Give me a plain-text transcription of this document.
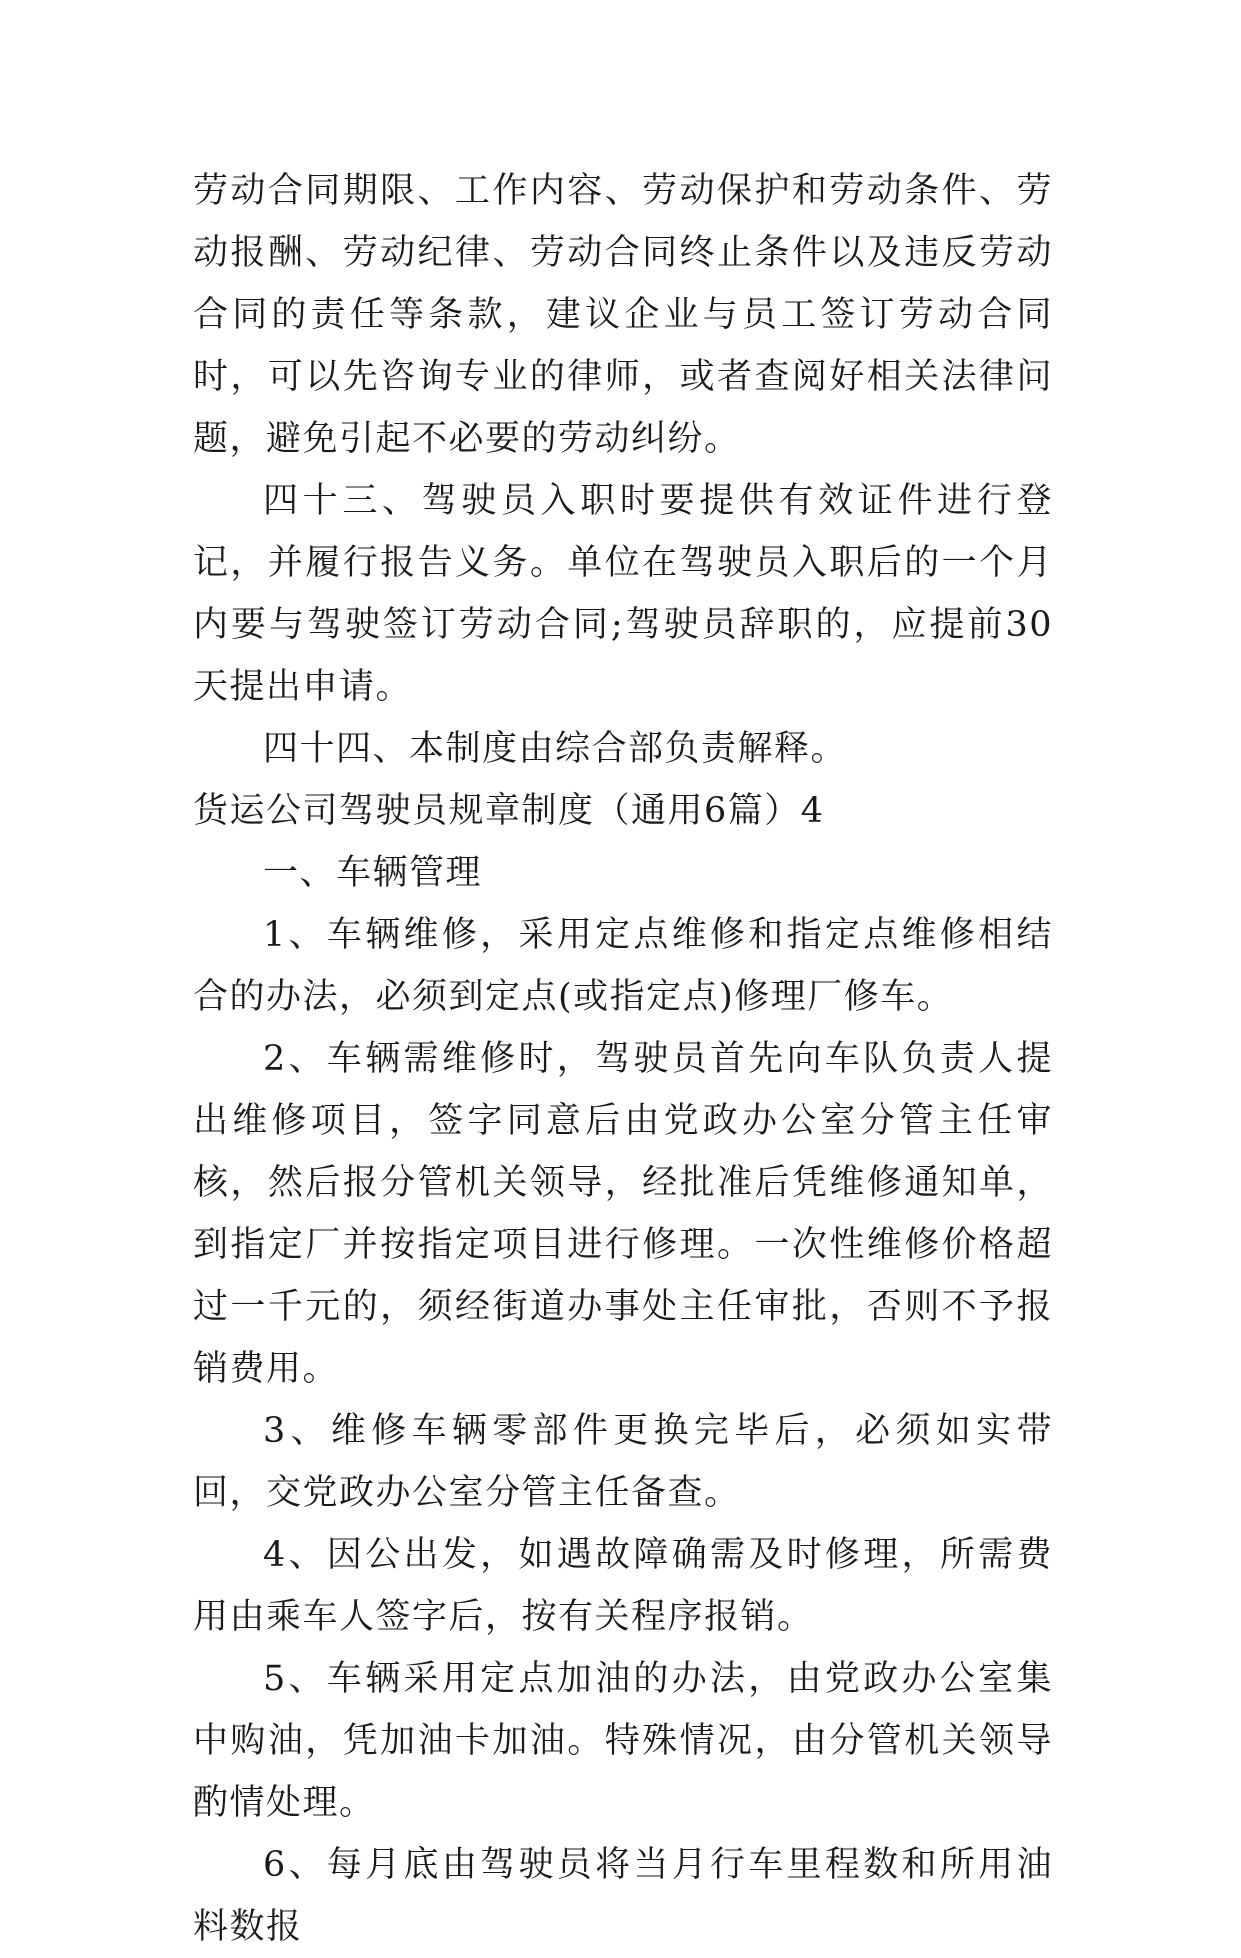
劳动合同期限、工作内容、劳动保护和劳动条件、劳动报酬、劳动纪律、劳动合同终止条件以及违反劳动合同的责任等条款，建议企业与员工签订劳动合同时，可以先咨询专业的律师，或者查阅好相关法律问题，避免引起不必要的劳动纠纷。

四十三、驾驶员入职时要提供有效证件进行登记，并履行报告义务。单位在驾驶员入职后的一个月内要与驾驶签订劳动合同;驾驶员辞职的，应提前30天提出申请。

四十四、本制度由综合部负责解释。

货运公司驾驶员规章制度（通用6篇）4

一、车辆管理

1、车辆维修，采用定点维修和指定点维修相结合的办法，必须到定点(或指定点)修理厂修车。

2、车辆需维修时，驾驶员首先向车队负责人提出维修项目，签字同意后由党政办公室分管主任审核，然后报分管机关领导，经批准后凭维修通知单，到指定厂并按指定项目进行修理。一次性维修价格超过一千元的，须经街道办事处主任审批，否则不予报销费用。

3、维修车辆零部件更换完毕后，必须如实带回，交党政办公室分管主任备查。

4、因公出发，如遇故障确需及时修理，所需费用由乘车人签字后，按有关程序报销。

5、车辆采用定点加油的办法，由党政办公室集中购油，凭加油卡加油。特殊情况，由分管机关领导酌情处理。

6、每月底由驾驶员将当月行车里程数和所用油料数报
